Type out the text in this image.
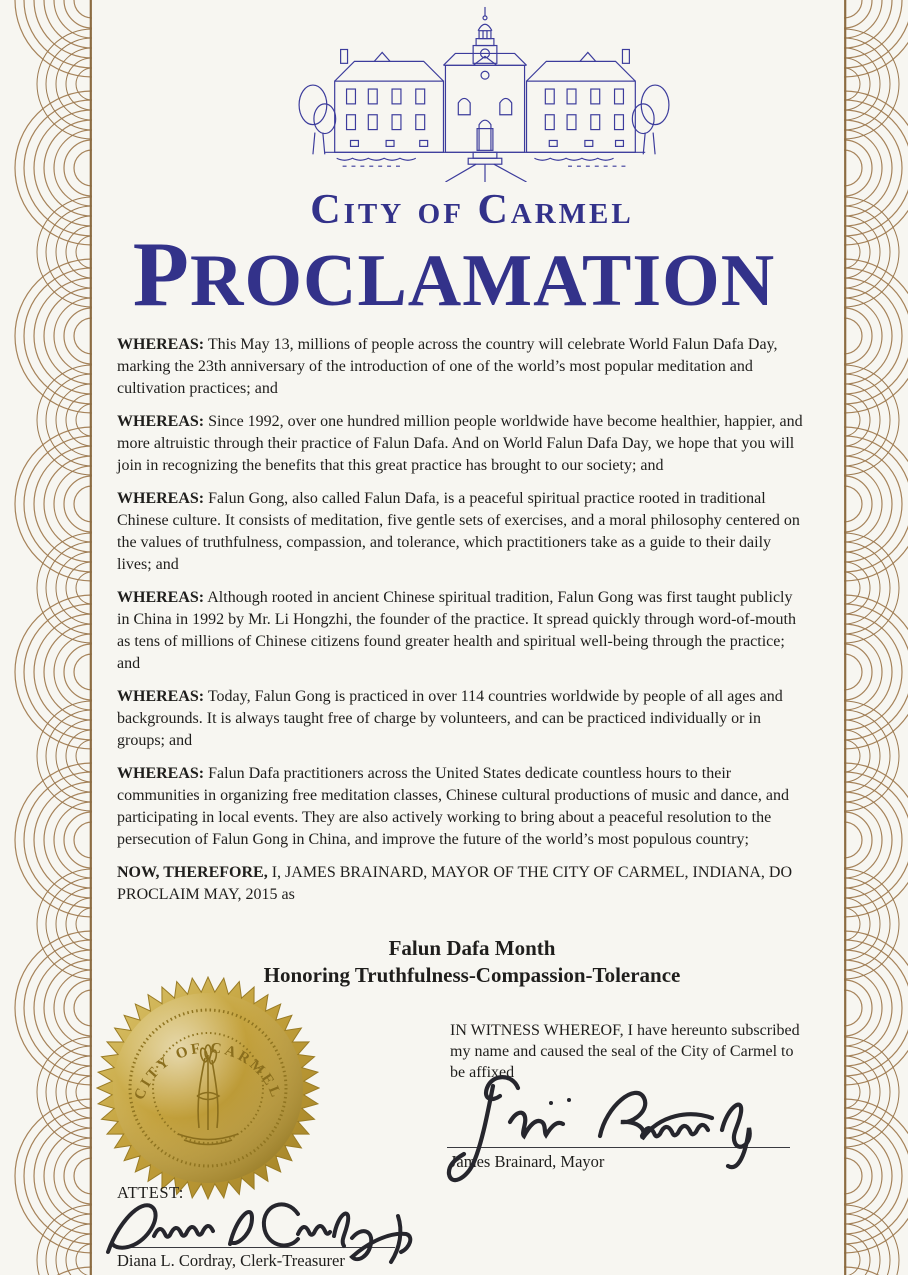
City of Carmel
PROCLAMATION

WHEREAS: This May 13, millions of people across the country will celebrate World Falun Dafa Day, marking the 23th anniversary of the introduction of one of the world’s most popular meditation and cultivation practices; and

WHEREAS: Since 1992, over one hundred million people worldwide have become healthier, happier, and more altruistic through their practice of Falun Dafa. And on World Falun Dafa Day, we hope that you will join in recognizing the benefits that this great practice has brought to our society; and

WHEREAS: Falun Gong, also called Falun Dafa, is a peaceful spiritual practice rooted in traditional Chinese culture. It consists of meditation, five gentle sets of exercises, and a moral philosophy centered on the values of truthfulness, compassion, and tolerance, which practitioners take as a guide to their daily lives; and

WHEREAS: Although rooted in ancient Chinese spiritual tradition, Falun Gong was first taught publicly in China in 1992 by Mr. Li Hongzhi, the founder of the practice. It spread quickly through word-of-mouth as tens of millions of Chinese citizens found greater health and spiritual well-being through the practice; and

WHEREAS: Today, Falun Gong is practiced in over 114 countries worldwide by people of all ages and backgrounds. It is always taught free of charge by volunteers, and can be practiced individually or in groups; and

WHEREAS: Falun Dafa practitioners across the United States dedicate countless hours to their communities in organizing free meditation classes, Chinese cultural productions of music and dance, and participating in local events. They are also actively working to bring about a peaceful resolution to the persecution of Falun Gong in China, and improve the future of the world’s most populous country;

NOW, THEREFORE, I, JAMES BRAINARD, MAYOR OF THE CITY OF CARMEL, INDIANA, DO PROCLAIM MAY, 2015 as

Falun Dafa Month
Honoring Truthfulness-Compassion-Tolerance
CITY OF CARMEL
IN WITNESS WHEREOF, I have hereunto subscribed my name and caused the seal of the City of Carmel to be affixed
James Brainard, Mayor
ATTEST:
Diana L. Cordray, Clerk-Treasurer
